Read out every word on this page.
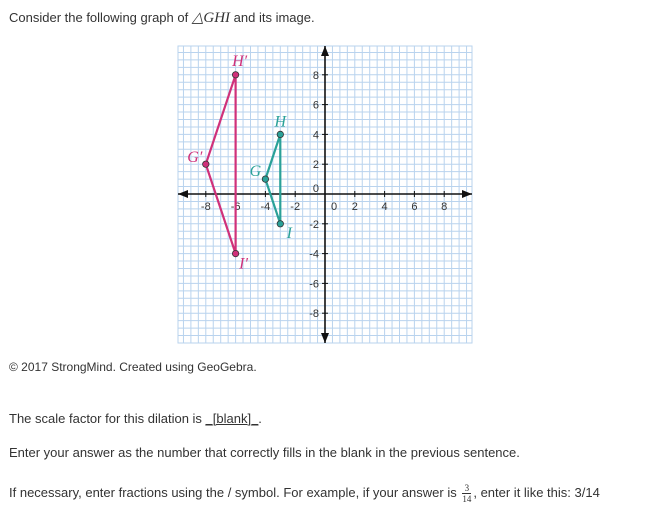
Consider the following graph of △GHI and its image.
-8 -6 -4 -2	0 2 4 6 8
8
6
4
2
0
-2
-4
-6
-8
G′
H′
I′
G
H
I
© 2017 StrongMind. Created using GeoGebra.
The scale factor for this dilation is _[blank]_.
Enter your answer as the number that correctly fills in the blank in the previous sentence.
If necessary, enter fractions using the / symbol. For example, if your answer is $\frac{3}{14}$ , enter it like this: 3/14
